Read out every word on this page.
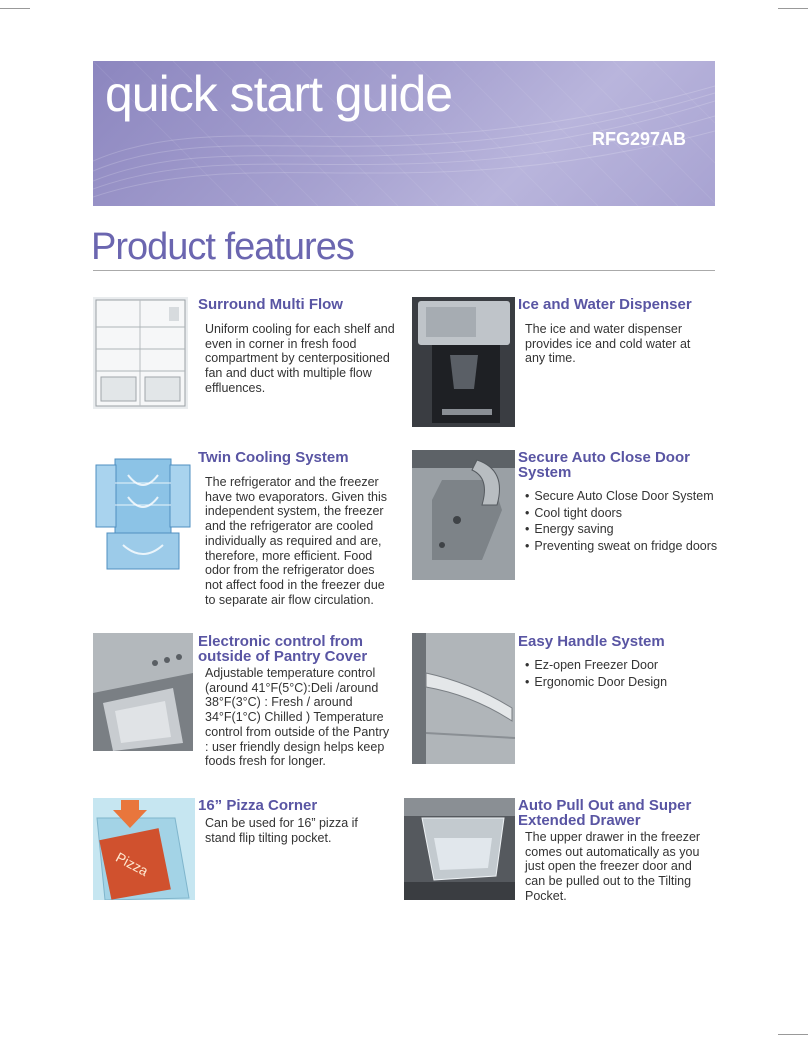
quick start guide
RFG297AB
Product features
Surround Multi Flow
Uniform cooling for each shelf and even in corner in fresh food compartment by centerpositioned fan and duct with multiple flow effluences.
Ice and Water Dispenser
The ice and water dispenser provides ice and cold water at any time.
Twin Cooling System
The refrigerator and the freezer have two evaporators. Given this independent system, the freezer and the refrigerator are cooled individually as required and are, therefore, more efficient. Food odor from the refrigerator does not affect food in the freezer due to separate air flow circulation.
Secure Auto Close Door System
• Secure Auto Close Door System
• Cool tight doors
• Energy saving
• Preventing sweat on fridge doors
Electronic control from outside of Pantry Cover
Adjustable temperature control (around 41°F(5°C):Deli /around 38°F(3°C) : Fresh / around 34°F(1°C) Chilled ) Temperature control from outside of the Pantry : user friendly design helps keep foods fresh for longer.
Easy Handle System
• Ez-open Freezer Door
• Ergonomic Door Design
Pizza
16” Pizza Corner
Can be used for 16” pizza if stand flip tilting pocket.
Auto Pull Out and Super Extended Drawer
The upper drawer in the freezer comes out automatically as you just open the freezer door and can be pulled out to the Tilting Pocket.
